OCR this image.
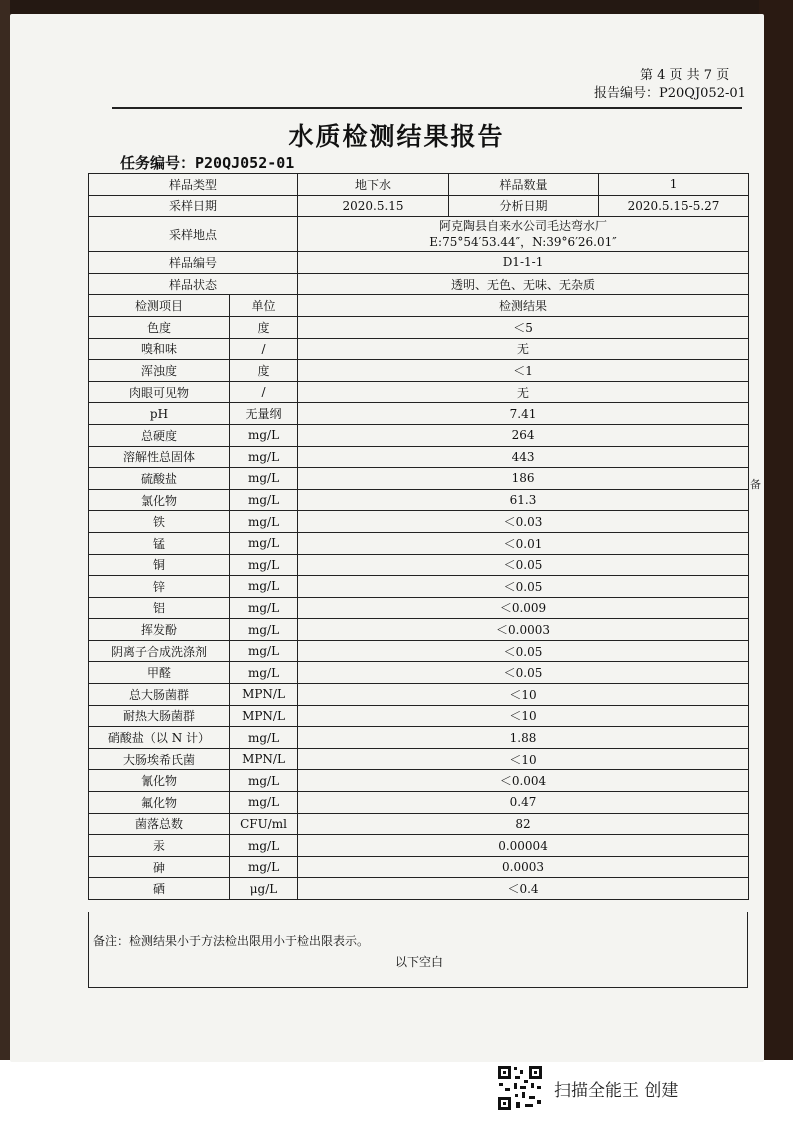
第 4 页 共 7 页
报告编号：P20QJ052-01
水质检测结果报告
任务编号：P20QJ052-01
备
样品类型		地下水	样品数量	1
采样日期		2020.5.15	分析日期	2020.5.15-5.27
采样地点		阿克陶县自来水公司毛达弯水厂
E:75°54′53.44″，N:39°6′26.01″		

样品编号		D1-1-1		
样品状态		透明、无色、无味、无杂质		
检测项目	单位	检测结果		
色度	度	＜5		
嗅和味	/	无		
浑浊度	度	＜1		
肉眼可见物	/	无		
pH	无量纲	7.41		
总硬度	mg/L	264		
溶解性总固体	mg/L	443		
硫酸盐	mg/L	186		
氯化物	mg/L	61.3		
铁	mg/L	＜0.03		
锰	mg/L	＜0.01		
铜	mg/L	＜0.05		
锌	mg/L	＜0.05		
铝	mg/L	＜0.009		
挥发酚	mg/L	＜0.0003		
阴离子合成洗涤剂	mg/L	＜0.05		
甲醛	mg/L	＜0.05		
总大肠菌群	MPN/L	＜10		
耐热大肠菌群	MPN/L	＜10		
硝酸盐（以 N 计）	mg/L	1.88		
大肠埃希氏菌	MPN/L	＜10		
氰化物	mg/L	＜0.004		
氟化物	mg/L	0.47		
菌落总数	CFU/ml	82		
汞	mg/L	0.00004		
砷	mg/L	0.0003		
硒	μg/L	＜0.4		
备注：检测结果小于方法检出限用小于检出限表示。
以下空白
扫描全能王 创建
